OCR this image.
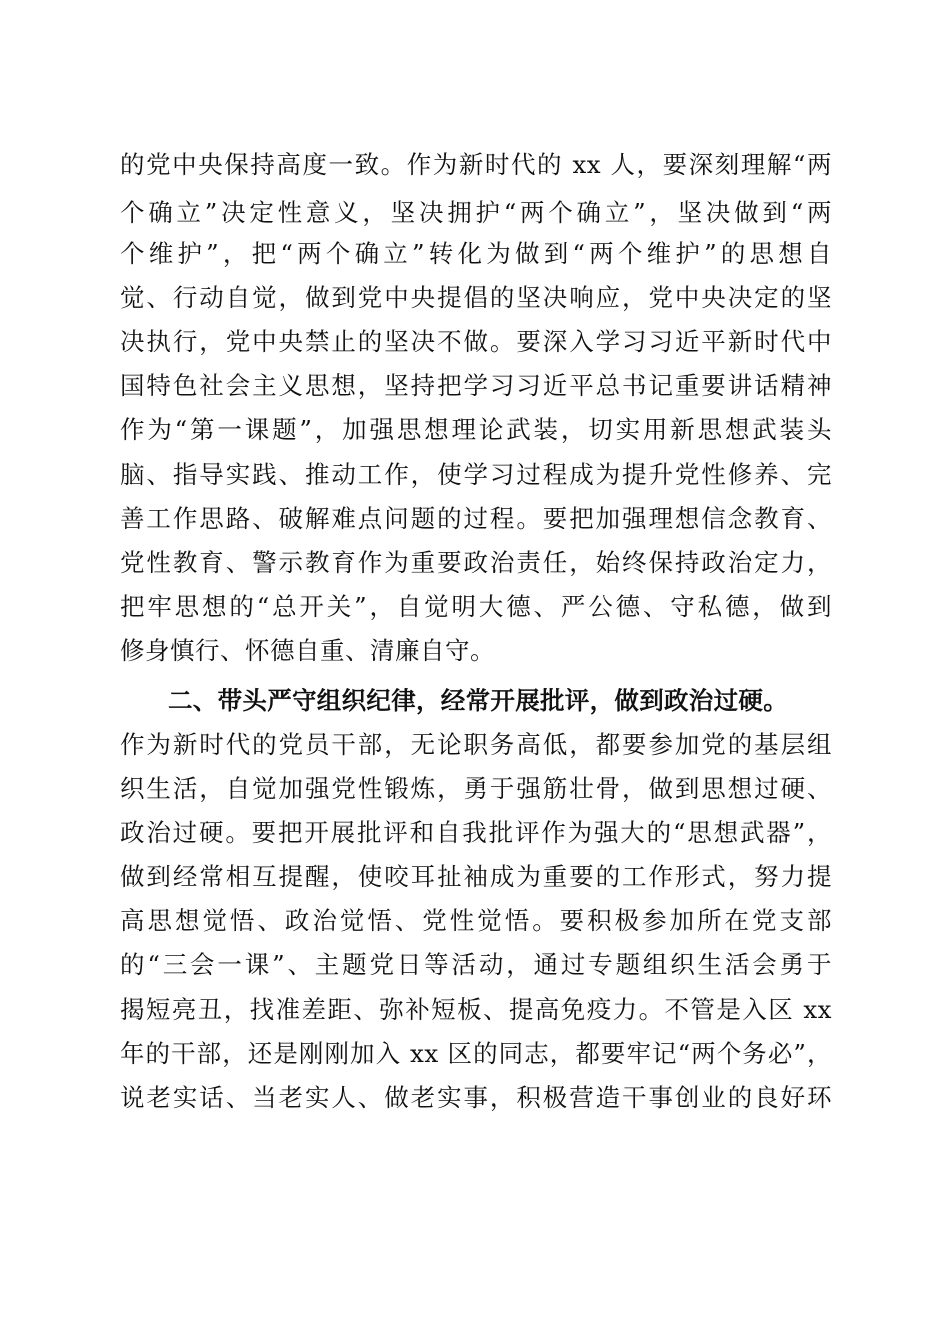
的党中央保持高度一致。作为新时代的 xx 人，要深刻理解“两
个确立”决定性意义，坚决拥护“两个确立”，坚决做到“两
个维护”，把“两个确立”转化为做到“两个维护”的思想自
觉、行动自觉，做到党中央提倡的坚决响应，党中央决定的坚
决执行，党中央禁止的坚决不做。要深入学习习近平新时代中
国特色社会主义思想，坚持把学习习近平总书记重要讲话精神
作为“第一课题”，加强思想理论武装，切实用新思想武装头
脑、指导实践、推动工作，使学习过程成为提升党性修养、完
善工作思路、破解难点问题的过程。要把加强理想信念教育、
党性教育、警示教育作为重要政治责任，始终保持政治定力，
把牢思想的“总开关”，自觉明大德、严公德、守私德，做到
修身慎行、怀德自重、清廉自守。
二、带头严守组织纪律，经常开展批评，做到政治过硬。
作为新时代的党员干部，无论职务高低，都要参加党的基层组
织生活，自觉加强党性锻炼，勇于强筋壮骨，做到思想过硬、
政治过硬。要把开展批评和自我批评作为强大的“思想武器”，
做到经常相互提醒，使咬耳扯袖成为重要的工作形式，努力提
高思想觉悟、政治觉悟、党性觉悟。要积极参加所在党支部
的“三会一课”、主题党日等活动，通过专题组织生活会勇于
揭短亮丑，找准差距、弥补短板、提高免疫力。不管是入区 xx
年的干部，还是刚刚加入 xx 区的同志，都要牢记“两个务必”，
说老实话、当老实人、做老实事，积极营造干事创业的良好环
